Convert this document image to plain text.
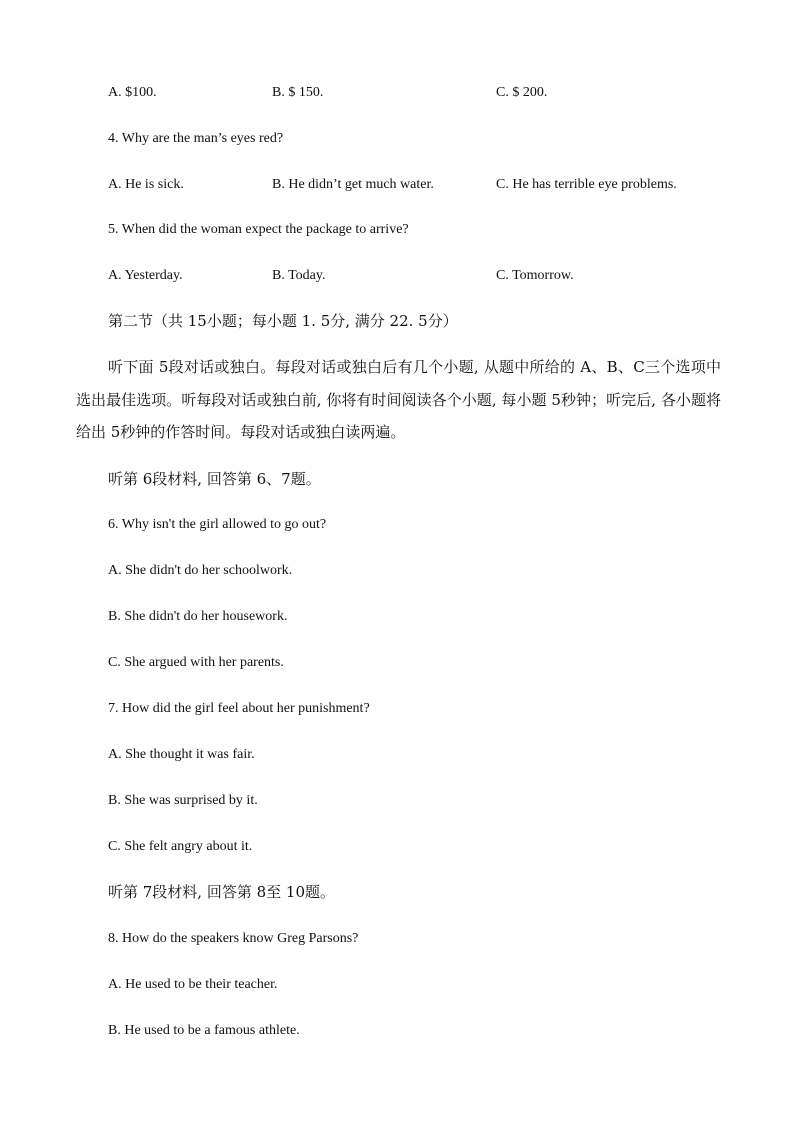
A. $100.	B. $ 150.	C. $ 200.
4. Why are the man’s eyes red?
A. He is sick.	B. He didn’t get much water.	C. He has terrible eye problems.
5. When did the woman expect the package to arrive?
A. Yesterday.	B. Today.	C. Tomorrow.
第二节（共 15小题；每小题 1. 5分, 满分 22. 5分）
听下面 5段对话或独白。每段对话或独白后有几个小题, 从题中所给的 A、B、C三个选项中选出最佳选项。听每段对话或独白前, 你将有时间阅读各个小题, 每小题 5秒钟；听完后, 各小题将给出 5秒钟的作答时间。每段对话或独白读两遍。
听第 6段材料, 回答第 6、7题。
6. Why isn't the girl allowed to go out?
A. She didn't do her schoolwork.
B. She didn't do her housework.
C. She argued with her parents.
7. How did the girl feel about her punishment?
A. She thought it was fair.
B. She was surprised by it.
C. She felt angry about it.
听第 7段材料, 回答第 8至 10题。
8. How do the speakers know Greg Parsons?
A. He used to be their teacher.
B. He used to be a famous athlete.
